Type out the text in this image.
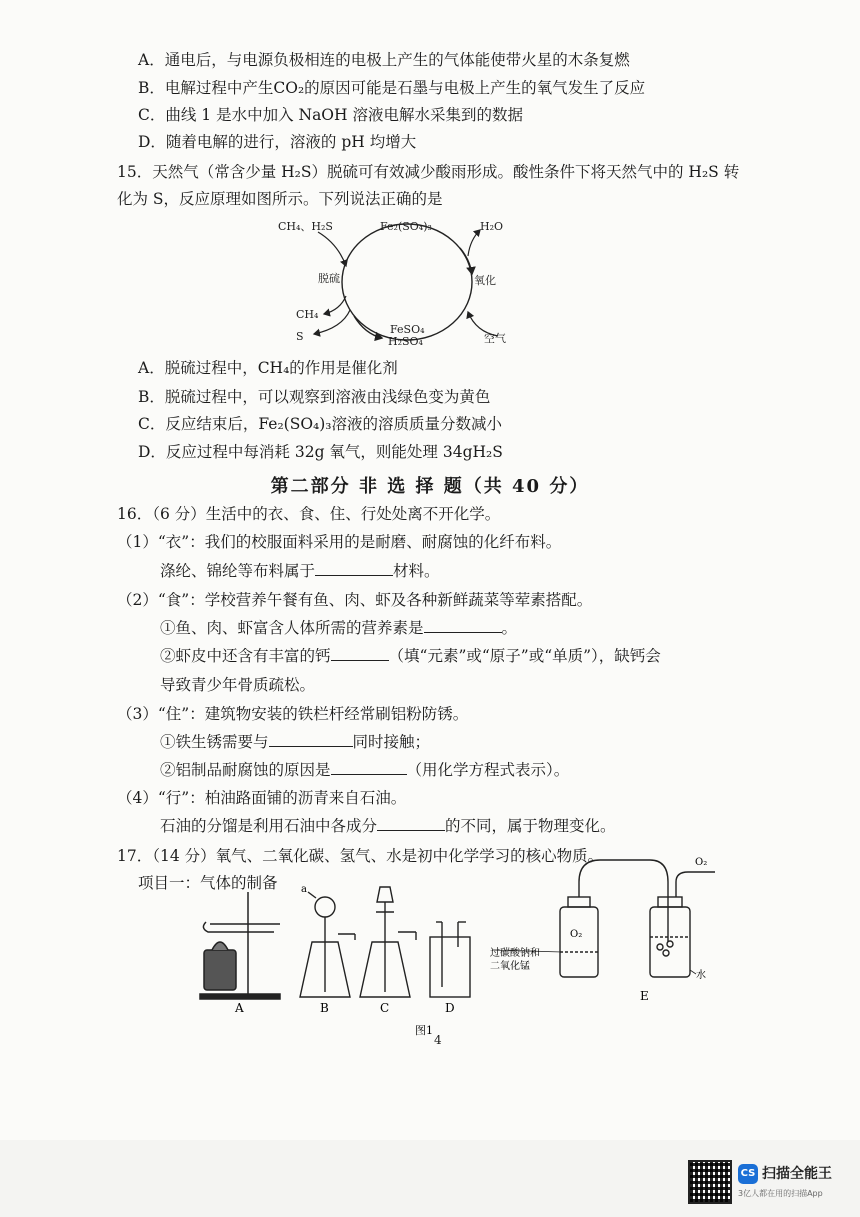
A．通电后，与电源负极相连的电极上产生的气体能使带火星的木条复燃
B．电解过程中产生CO₂的原因可能是石墨与电极上产生的氧气发生了反应
C．曲线 1 是水中加入 NaOH 溶液电解水采集到的数据
D．随着电解的进行，溶液的 pH 均增大
15．天然气（常含少量 H₂S）脱硫可有效减少酸雨形成。酸性条件下将天然气中的 H₂S 转
化为 S，反应原理如图所示。下列说法正确的是
CH₄、H₂S	Fe₂(SO₄)₃	H₂O
脱硫	氧化
CH₄
S
FeSO₄
H₂SO₄	空气
A．脱硫过程中，CH₄的作用是催化剂
B．脱硫过程中，可以观察到溶液由浅绿色变为黄色
C．反应结束后，Fe₂(SO₄)₃溶液的溶质质量分数减小
D．反应过程中每消耗 32g 氧气，则能处理 34gH₂S
第二部分 非 选 择 题（共 40 分）
16．（6 分）生活中的衣、食、住、行处处离不开化学。
（1）“衣”：我们的校服面料采用的是耐磨、耐腐蚀的化纤布料。
涤纶、锦纶等布料属于	材料。
（2）“食”：学校营养午餐有鱼、肉、虾及各种新鲜蔬菜等荤素搭配。
①鱼、肉、虾富含人体所需的营养素是	。
②虾皮中还含有丰富的钙	（填“元素”或“原子”或“单质”），缺钙会
导致青少年骨质疏松。
（3）“住”：建筑物安装的铁栏杆经常刷铝粉防锈。
①铁生锈需要与	同时接触；
②铝制品耐腐蚀的原因是	（用化学方程式表示）。
（4）“行”：柏油路面铺的沥青来自石油。
石油的分馏是利用石油中各成分	的不同，属于物理变化。
17．（14 分）氧气、二氧化碳、氢气、水是初中化学学习的核心物质。
项目一：气体的制备
A	B	C	D
E
a
O₂
O₂
过碳酸钠和
二氧化锰
水
图1
4
CS 扫描全能王
3亿人都在用的扫描App
